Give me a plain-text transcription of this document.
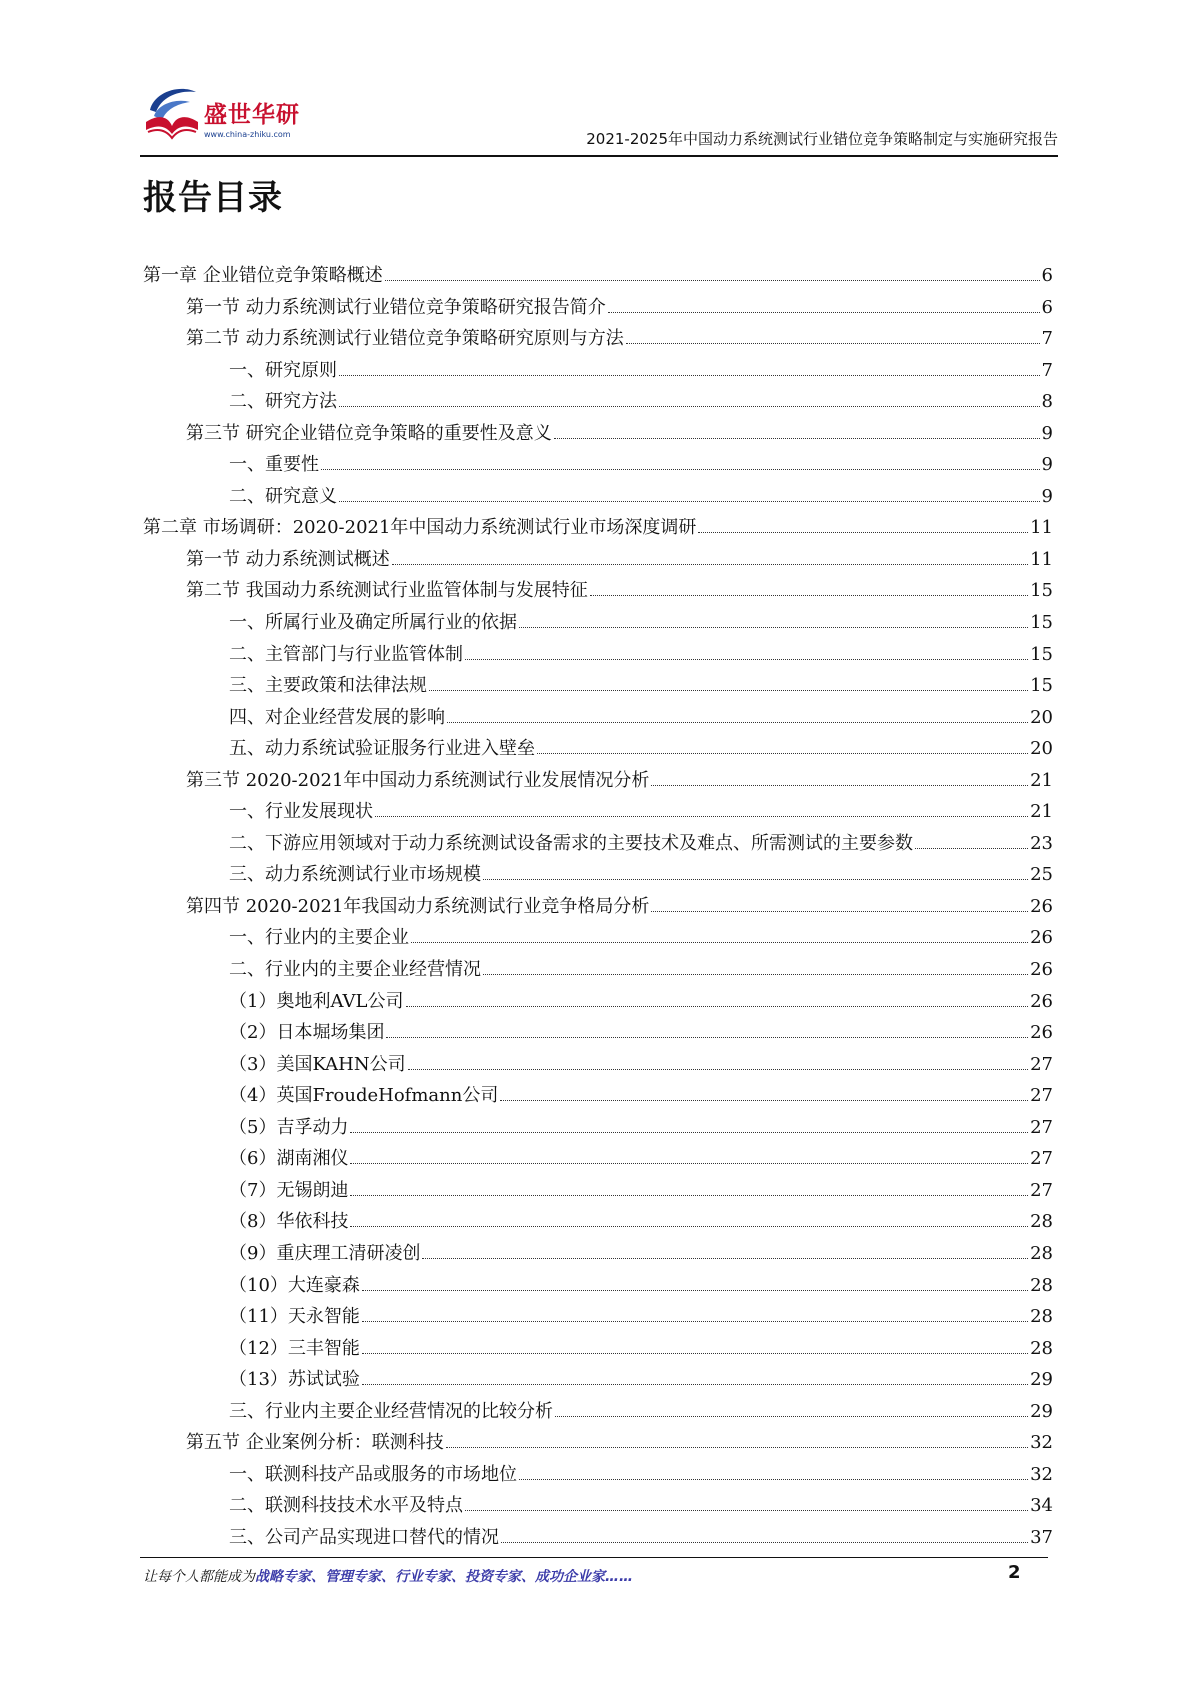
盛世华研
www.china-zhiku.com	2021-2025年中国动力系统测试行业错位竞争策略制定与实施研究报告
报告目录
第一章 企业错位竞争策略概述	6
第一节 动力系统测试行业错位竞争策略研究报告简介	6
第二节 动力系统测试行业错位竞争策略研究原则与方法	7
一、研究原则	7
二、研究方法	8
第三节 研究企业错位竞争策略的重要性及意义	9
一、重要性	9
二、研究意义	9
第二章 市场调研：2020-2021年中国动力系统测试行业市场深度调研	11
第一节 动力系统测试概述	11
第二节 我国动力系统测试行业监管体制与发展特征	15
一、所属行业及确定所属行业的依据	15
二、主管部门与行业监管体制	15
三、主要政策和法律法规	15
四、对企业经营发展的影响	20
五、动力系统试验证服务行业进入壁垒	20
第三节 2020-2021年中国动力系统测试行业发展情况分析	21
一、行业发展现状	21
二、下游应用领域对于动力系统测试设备需求的主要技术及难点、所需测试的主要参数	23
三、动力系统测试行业市场规模	25
第四节 2020-2021年我国动力系统测试行业竞争格局分析	26
一、行业内的主要企业	26
二、行业内的主要企业经营情况	26
（1）奥地利AVL公司	26
（2）日本堀场集团	26
（3）美国KAHN公司	27
（4）英国FroudeHofmann公司	27
（5）吉孚动力	27
（6）湖南湘仪	27
（7）无锡朗迪	27
（8）华依科技	28
（9）重庆理工清研凌创	28
（10）大连豪森	28
（11）天永智能	28
（12）三丰智能	28
（13）苏试试验	29
三、行业内主要企业经营情况的比较分析	29
第五节 企业案例分析：联测科技	32
一、联测科技产品或服务的市场地位	32
二、联测科技技术水平及特点	34
三、公司产品实现进口替代的情况	37
让每个人都能成为战略专家、管理专家、行业专家、投资专家、成功企业家……	2
